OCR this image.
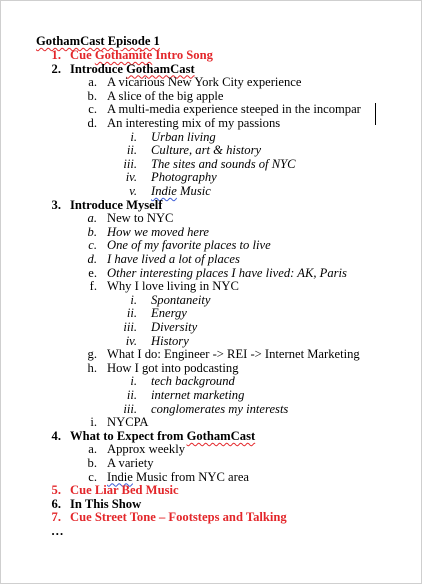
GothamCast Episode 1
1. Cue Gothamite Intro Song
2. Introduce GothamCast
a. A vicarious New York City experience
b. A slice of the big apple
c. A multi-media experience steeped in the incompar
d. An interesting mix of my passions
i. Urban living
ii. Culture, art & history
iii. The sites and sounds of NYC
iv. Photography
v. Indie Music
3. Introduce Myself
a. New to NYC
b. How we moved here
c. One of my favorite places to live
d. I have lived a lot of places
e. Other interesting places I have lived: AK, Paris
f. Why I love living in NYC
i. Spontaneity
ii. Energy
iii. Diversity
iv. History
g. What I do: Engineer -> REI -> Internet Marketing
h. How I got into podcasting
i. tech background
ii. internet marketing
iii. conglomerates my interests
i. NYCPA
4. What to Expect from GothamCast
a. Approx weekly
b. A variety
c. Indie Music from NYC area
5. Cue Liar Bed Music
6. In This Show
7. Cue Street Tone – Footsteps and Talking
…
